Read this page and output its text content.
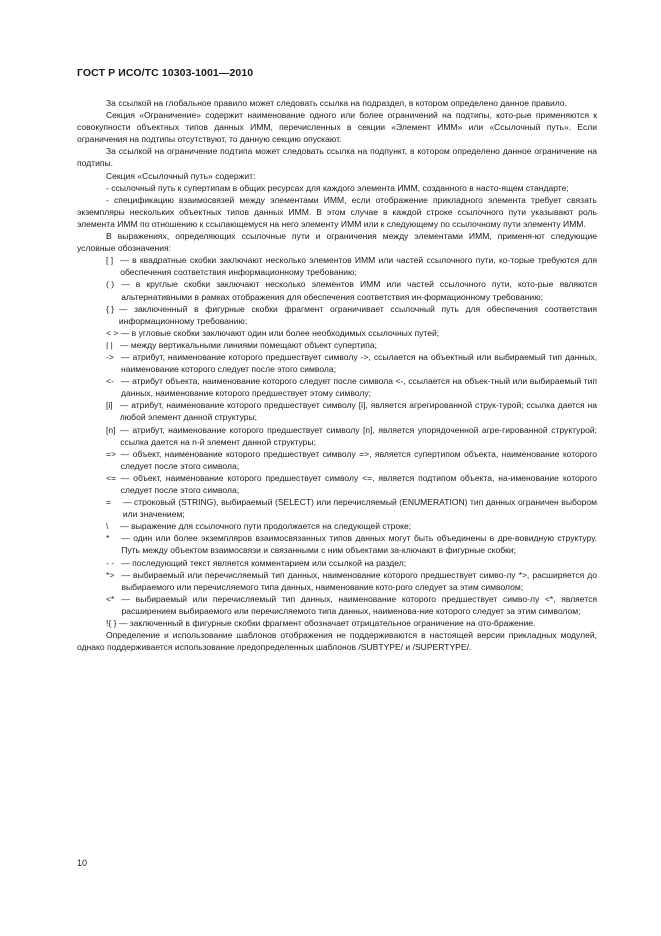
ГОСТ Р ИСО/ТС 10303-1001—2010

За ссылкой на глобальное правило может следовать ссылка на подраздел, в котором определено данное правило.

Секция «Ограничение» содержит наименование одного или более ограничений на подтипы, кото-рые применяются к совокупности объектных типов данных ИММ, перечисленных в секции «Элемент ИММ» или «Ссылочный путь». Если ограничения на подтипы отсутствуют, то данную секцию опускают.

За ссылкой на ограничение подтипа может следовать ссылка на подпункт, в котором определено данное ограничение на подтипы.

Секция «Ссылочный путь» содержит:

- ссылочный путь к супертипам в общих ресурсах для каждого элемента ИММ, созданного в насто-ящем стандарте;

- спецификацию взаимосвязей между элементами ИММ, если отображение прикладного элемента требует связать экземпляры нескольких объектных типов данных ИММ. В этом случае в каждой строке ссылочного пути указывают роль элемента ИММ по отношению к ссылающемуся на него элементу ИММ или к следующему по ссылочному пути элементу ИММ.

В выражениях, определяющих ссылочные пути и ограничения между элементами ИММ, применя-ют следующие условные обозначения:

[ ] — в квадратные скобки заключают несколько элементов ИММ или частей ссылочного пути, ко-торые требуются для обеспечения соответствия информационному требованию;
( ) — в круглые скобки заключают несколько элементов ИММ или частей ссылочного пути, кото-рые являются альтернативными в рамках отображения для обеспечения соответствия ин-формационному требованию;
{ } — заключенный в фигурные скобки фрагмент ограничивает ссылочный путь для обеспечения соответствия информационному требованию;
< > — в угловые скобки заключают один или более необходимых ссылочных путей;
| | — между вертикальными линиями помещают объект супертипа;
-> — атрибут, наименование которого предшествует символу ->, ссылается на объектный или выбираемый тип данных, наименование которого следует после этого символа;
<- — атрибут объекта, наименование которого следует после символа <-, ссылается на объек-тный или выбираемый тип данных, наименование которого предшествует этому символу;
[i] — атрибут, наименование которого предшествует символу [i], является агрегированной струк-турой; ссылка дается на любой элемент данной структуры;
[n] — атрибут, наименование которого предшествует символу [n], является упорядоченной агре-гированной структурой; ссылка дается на n-й элемент данной структуры;
=> — объект, наименование которого предшествует символу =>, является супертипом объекта, наименование которого следует после этого символа;
<= — объект, наименование которого предшествует символу <=, является подтипом объекта, на-именование которого следует после этого символа;
= — строковый (STRING), выбираемый (SELECT) или перечисляемый (ENUMERATION) тип данных ограничен выбором или значением;
\ — выражение для ссылочного пути продолжается на следующей строке;
* — один или более экземпляров взаимосвязанных типов данных могут быть объединены в дре-вовидную структуру. Путь между объектом взаимосвязи и связанными с ним объектами за-ключают в фигурные скобки;
- - — последующий текст является комментарием или ссылкой на раздел;
*> — выбираемый или перечисляемый тип данных, наименование которого предшествует симво-лу *>, расширяется до выбираемого или перечисляемого типа данных, наименование кото-рого следует за этим символом;
<* — выбираемый или перечисляемый тип данных, наименование которого предшествует симво-лу <*, является расширением выбираемого или перечисляемого типа данных, наименова-ние которого следует за этим символом;
!{ } — заключенный в фигурные скобки фрагмент обозначает отрицательное ограничение на ото-бражение.

Определение и использование шаблонов отображения не поддерживаются в настоящей версии прикладных модулей, однако поддерживается использование предопределенных шаблонов /SUBTYPE/ и /SUPERTYPE/.

10
